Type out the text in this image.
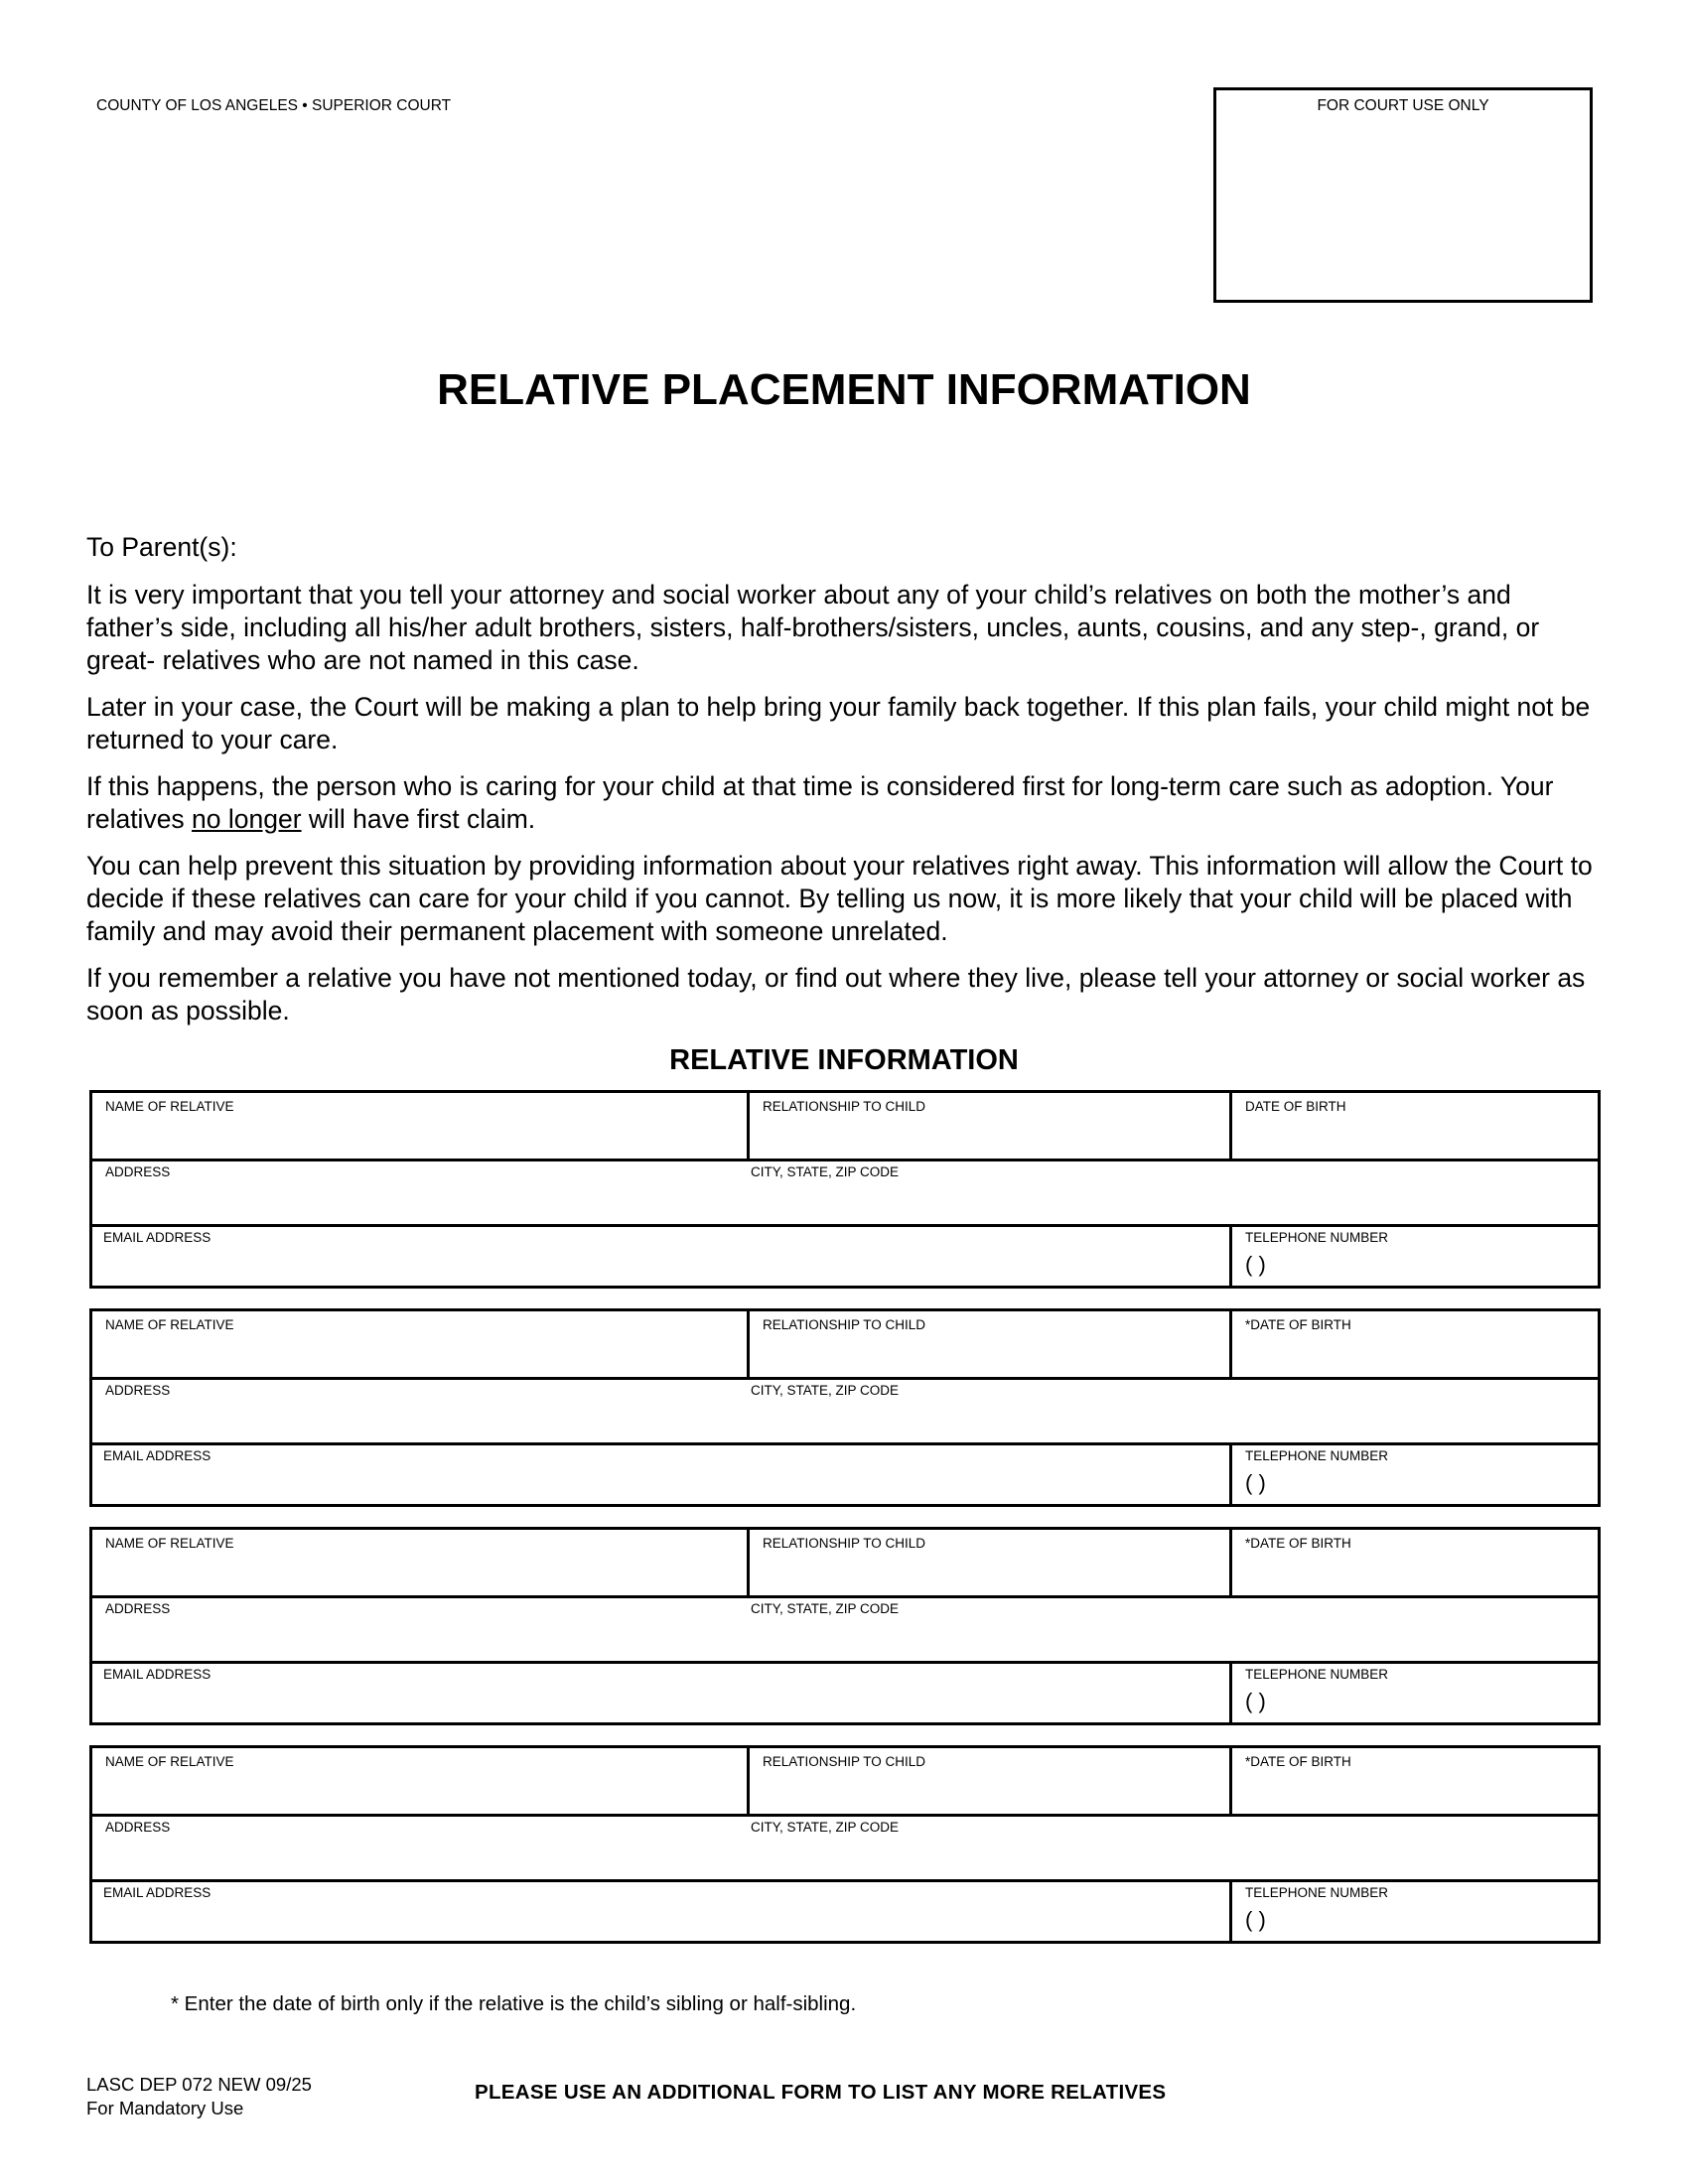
COUNTY OF LOS ANGELES • SUPERIOR COURT	FOR COURT USE ONLY
RELATIVE PLACEMENT INFORMATION

To Parent(s):

It is very important that you tell your attorney and social worker about any of your child’s relatives on both the mother’s and father’s side, including all his/her adult brothers, sisters, half-brothers/sisters, uncles, aunts, cousins, and any step-, grand, or great- relatives who are not named in this case.

Later in your case, the Court will be making a plan to help bring your family back together. If this plan fails, your child might not be returned to your care.

If this happens, the person who is caring for your child at that time is considered first for long-term care such as adoption. Your relatives no longer will have first claim.

You can help prevent this situation by providing information about your relatives right away. This information will allow the Court to decide if these relatives can care for your child if you cannot. By telling us now, it is more likely that your child will be placed with family and may avoid their permanent placement with someone unrelated.

If you remember a relative you have not mentioned today, or find out where they live, please tell your attorney or social worker as soon as possible.

RELATIVE INFORMATION
NAME OF RELATIVE	RELATIONSHIP TO CHILD	DATE OF BIRTH
ADDRESS	CITY, STATE, ZIP CODE
EMAIL ADDRESS	TELEPHONE NUMBER
( )
NAME OF RELATIVE	RELATIONSHIP TO CHILD	*DATE OF BIRTH
ADDRESS	CITY, STATE, ZIP CODE
EMAIL ADDRESS	TELEPHONE NUMBER
( )
NAME OF RELATIVE	RELATIONSHIP TO CHILD	*DATE OF BIRTH
ADDRESS	CITY, STATE, ZIP CODE
EMAIL ADDRESS	TELEPHONE NUMBER
( )
NAME OF RELATIVE	RELATIONSHIP TO CHILD	*DATE OF BIRTH
ADDRESS	CITY, STATE, ZIP CODE
EMAIL ADDRESS	TELEPHONE NUMBER
( )
* Enter the date of birth only if the relative is the child’s sibling or half-sibling.
LASC DEP 072 NEW 09/25
For Mandatory Use
PLEASE USE AN ADDITIONAL FORM TO LIST ANY MORE RELATIVES
